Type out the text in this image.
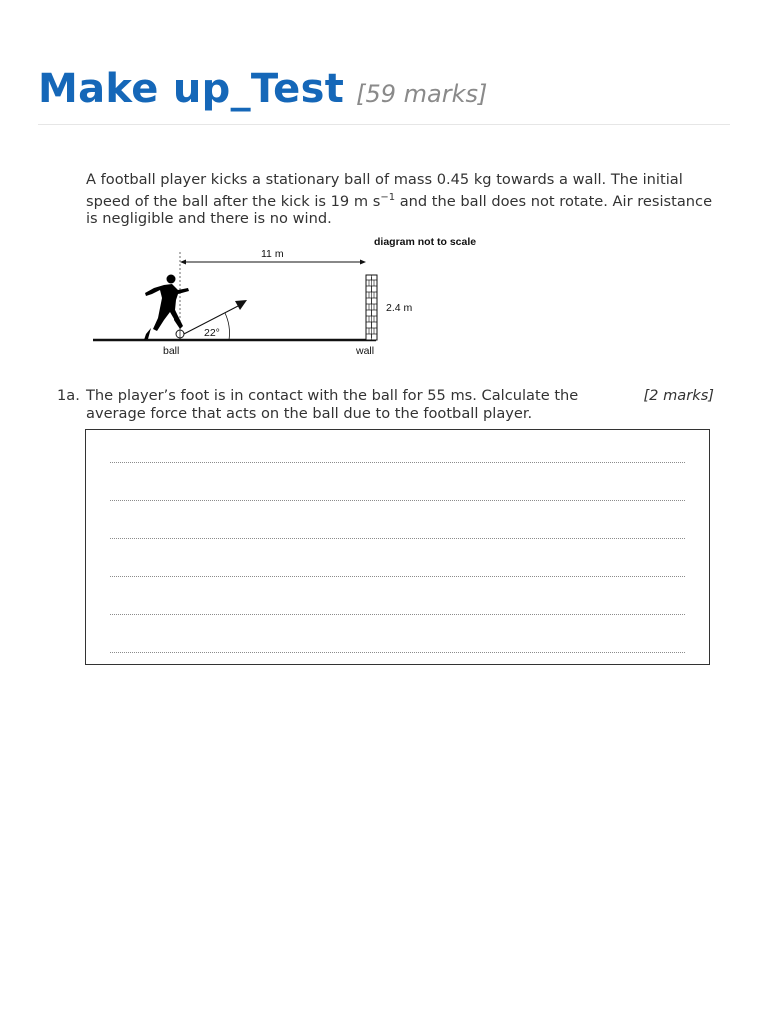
Make up_Test [59 marks]
A football player kicks a stationary ball of mass 0.45 kg towards a wall. The initial speed of the ball after the kick is 19 m $s^{-1}$ and the ball does not rotate. Air resistance is negligible and there is no wind.
diagram not to scale
11 m
2.4 m
22°
ball	wall
1a. The player’s foot is in contact with the ball for 55 ms. Calculate the average force that acts on the ball due to the football player.
[2 marks]
